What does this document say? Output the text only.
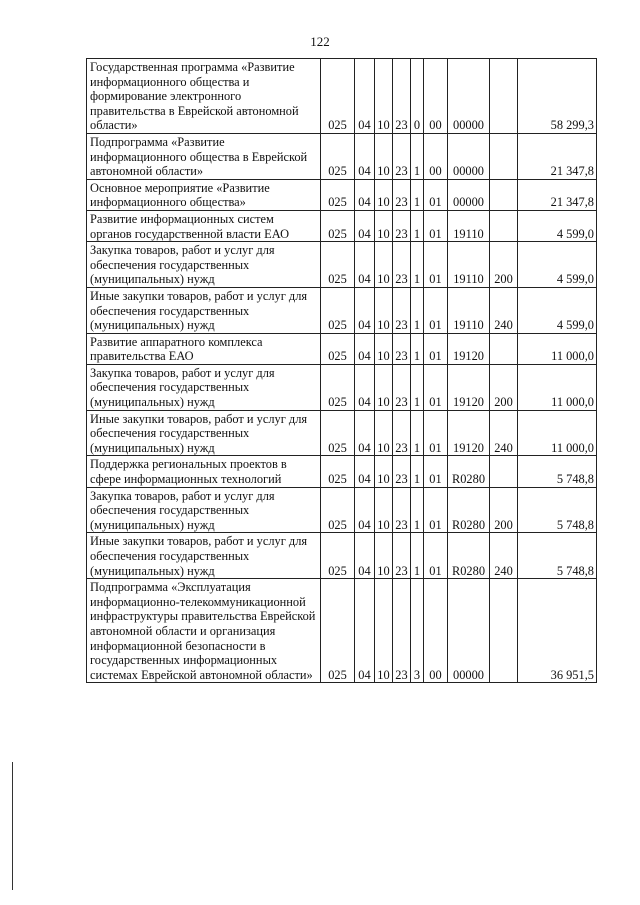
122
Государственная программа «Развитие информационного общества и формирование электронного правительства в Еврейской автономной области»	025	04	10	23	0	00	00000		58 299,3
Подпрограмма «Развитие информационного общества в Еврейской автономной области»	025	04	10	23	1	00	00000		21 347,8
Основное мероприятие «Развитие информационного общества»	025	04	10	23	1	01	00000		21 347,8
Развитие информационных систем органов государственной власти ЕАО	025	04	10	23	1	01	19110		4 599,0
Закупка товаров, работ и услуг для обеспечения государственных (муниципальных) нужд	025	04	10	23	1	01	19110	200	4 599,0
Иные закупки товаров, работ и услуг для обеспечения государственных (муниципальных) нужд	025	04	10	23	1	01	19110	240	4 599,0
Развитие аппаратного комплекса правительства ЕАО	025	04	10	23	1	01	19120		11 000,0
Закупка товаров, работ и услуг для обеспечения государственных (муниципальных) нужд	025	04	10	23	1	01	19120	200	11 000,0
Иные закупки товаров, работ и услуг для обеспечения государственных (муниципальных) нужд	025	04	10	23	1	01	19120	240	11 000,0
Поддержка региональных проектов в сфере информационных технологий	025	04	10	23	1	01	R0280		5 748,8
Закупка товаров, работ и услуг для обеспечения государственных (муниципальных) нужд	025	04	10	23	1	01	R0280	200	5 748,8
Иные закупки товаров, работ и услуг для обеспечения государственных (муниципальных) нужд	025	04	10	23	1	01	R0280	240	5 748,8
Подпрограмма «Эксплуатация информационно-телекоммуникационной инфраструктуры правительства Еврейской автономной области и организация информационной безопасности в государственных информационных системах Еврейской автономной области»	025	04	10	23	3	00	00000		36 951,5
